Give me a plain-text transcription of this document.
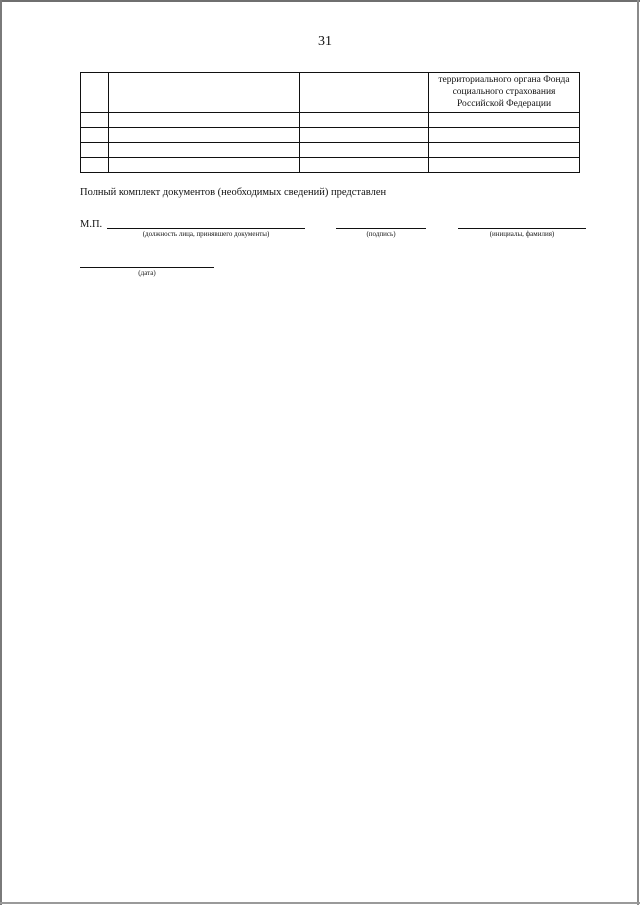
31

			территориального органа Фонда
социального страхования
Российской Федерации

Полный комплект документов (необходимых сведений) представлен
М.П.
(должность лица, принявшего документы)	(подпись)	(инициалы, фамилия)
(дата)
